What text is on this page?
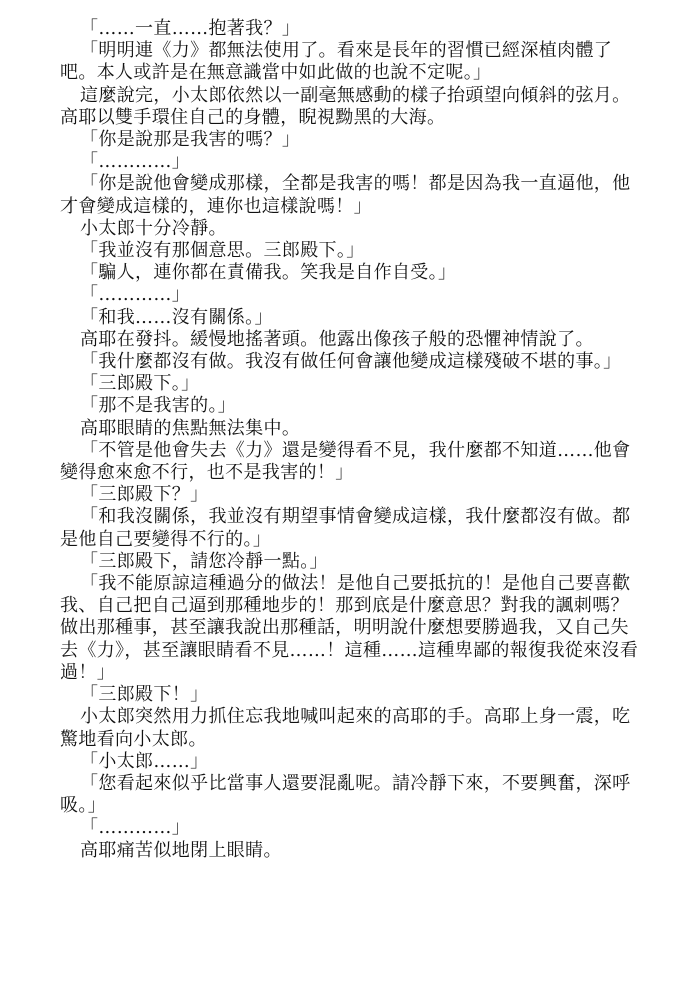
「……一直……抱著我？」

「明明連《力》都無法使用了。看來是長年的習慣已經深植肉體了吧。本人或許是在無意識當中如此做的也說不定呢。」

這麼說完，小太郎依然以一副毫無感動的樣子抬頭望向傾斜的弦月。高耶以雙手環住自己的身體，睨視黝黑的大海。

「你是說那是我害的嗎？」

「…………」

「你是說他會變成那樣，全都是我害的嗎！都是因為我一直逼他，他才會變成這樣的，連你也這樣說嗎！」

小太郎十分冷靜。

「我並沒有那個意思。三郎殿下。」

「騙人，連你都在責備我。笑我是自作自受。」

「…………」

「和我……沒有關係。」

高耶在發抖。緩慢地搖著頭。他露出像孩子般的恐懼神情說了。

「我什麼都沒有做。我沒有做任何會讓他變成這樣殘破不堪的事。」

「三郎殿下。」

「那不是我害的。」

高耶眼睛的焦點無法集中。

「不管是他會失去《力》還是變得看不見，我什麼都不知道……他會變得愈來愈不行，也不是我害的！」

「三郎殿下？」

「和我沒關係，我並沒有期望事情會變成這樣，我什麼都沒有做。都是他自己要變得不行的。」

「三郎殿下，請您冷靜一點。」

「我不能原諒這種過分的做法！是他自己要抵抗的！是他自己要喜歡我、自己把自己逼到那種地步的！那到底是什麼意思？對我的諷刺嗎？做出那種事，甚至讓我說出那種話，明明說什麼想要勝過我，又自己失去《力》，甚至讓眼睛看不見……！這種……這種卑鄙的報復我從來沒看過！」

「三郎殿下！」

小太郎突然用力抓住忘我地喊叫起來的高耶的手。高耶上身一震，吃驚地看向小太郎。

「小太郎……」

「您看起來似乎比當事人還要混亂呢。請冷靜下來，不要興奮，深呼吸。」

「…………」

高耶痛苦似地閉上眼睛。
